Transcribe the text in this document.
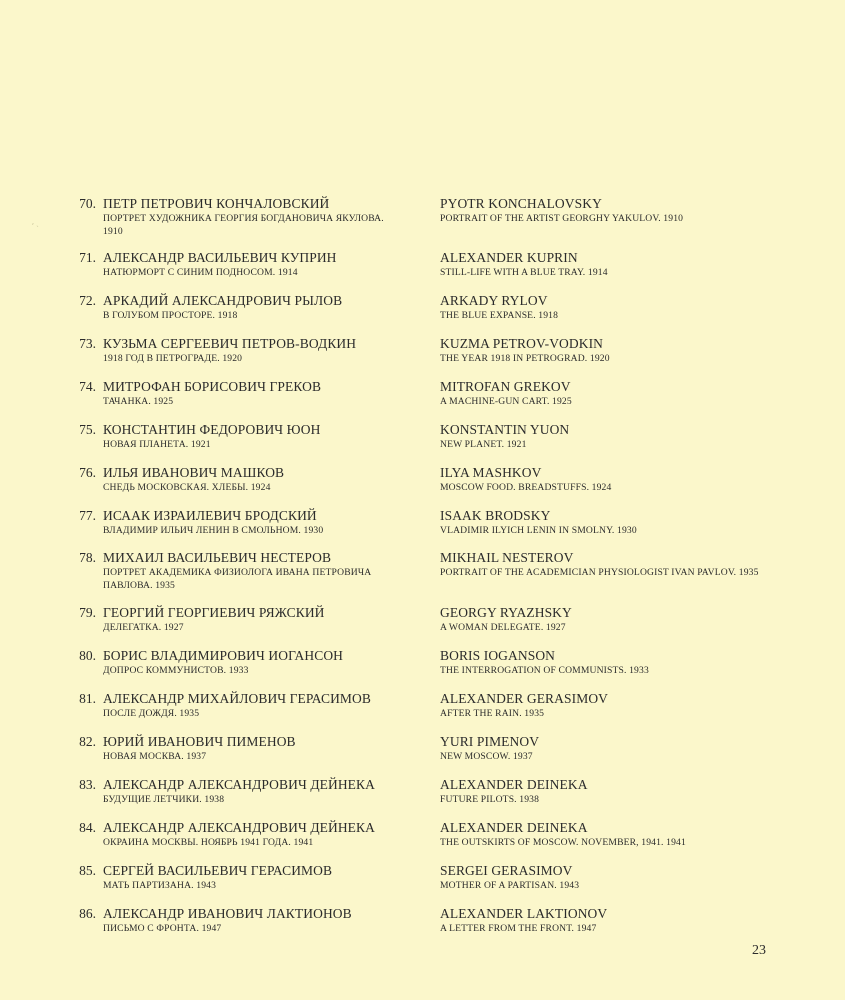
⸴ ˎ
70. ПЕТР ПЕТРОВИЧ КОНЧАЛОВСКИЙ
ПОРТРЕТ ХУДОЖНИКА ГЕОРГИЯ БОГДАНОВИЧА ЯКУЛОВА. 1910
PYOTR KONCHALOVSKY
PORTRAIT OF THE ARTIST GEORGHY YAKULOV. 1910
71. АЛЕКСАНДР ВАСИЛЬЕВИЧ КУПРИН
НАТЮРМОРТ С СИНИМ ПОДНОСОМ. 1914
ALEXANDER KUPRIN
STILL-LIFE WITH A BLUE TRAY. 1914
72. АРКАДИЙ АЛЕКСАНДРОВИЧ РЫЛОВ
В ГОЛУБОМ ПРОСТОРЕ. 1918
ARKADY RYLOV
THE BLUE EXPANSE. 1918
73. КУЗЬМА СЕРГЕЕВИЧ ПЕТРОВ-ВОДКИН
1918 ГОД В ПЕТРОГРАДЕ. 1920
KUZMA PETROV-VODKIN
THE YEAR 1918 IN PETROGRAD. 1920
74. МИТРОФАН БОРИСОВИЧ ГРЕКОВ
ТАЧАНКА. 1925
MITROFAN GREKOV
A MACHINE-GUN CART. 1925
75. КОНСТАНТИН ФЕДОРОВИЧ ЮОН
НОВАЯ ПЛАНЕТА. 1921
KONSTANTIN YUON
NEW PLANET. 1921
76. ИЛЬЯ ИВАНОВИЧ МАШКОВ
СНЕДЬ МОСКОВСКАЯ. ХЛЕБЫ. 1924
ILYA MASHKOV
MOSCOW FOOD. BREADSTUFFS. 1924
77. ИСААК ИЗРАИЛЕВИЧ БРОДСКИЙ
ВЛАДИМИР ИЛЬИЧ ЛЕНИН В СМОЛЬНОМ. 1930
ISAAK BRODSKY
VLADIMIR ILYICH LENIN IN SMOLNY. 1930
78. МИХАИЛ ВАСИЛЬЕВИЧ НЕСТЕРОВ
ПОРТРЕТ АКАДЕМИКА ФИЗИОЛОГА ИВАНА ПЕТРОВИЧА ПАВЛОВА. 1935
MIKHAIL NESTEROV
PORTRAIT OF THE ACADEMICIAN PHYSIOLOGIST IVAN PAVLOV. 1935
79. ГЕОРГИЙ ГЕОРГИЕВИЧ РЯЖСКИЙ
ДЕЛЕГАТКА. 1927
GEORGY RYAZHSKY
A WOMAN DELEGATE. 1927
80. БОРИС ВЛАДИМИРОВИЧ ИОГАНСОН
ДОПРОС КОММУНИСТОВ. 1933
BORIS IOGANSON
THE INTERROGATION OF COMMUNISTS. 1933
81. АЛЕКСАНДР МИХАЙЛОВИЧ ГЕРАСИМОВ
ПОСЛЕ ДОЖДЯ. 1935
ALEXANDER GERASIMOV
AFTER THE RAIN. 1935
82. ЮРИЙ ИВАНОВИЧ ПИМЕНОВ
НОВАЯ МОСКВА. 1937
YURI PIMENOV
NEW MOSCOW. 1937
83. АЛЕКСАНДР АЛЕКСАНДРОВИЧ ДЕЙНЕКА
БУДУЩИЕ ЛЕТЧИКИ. 1938
ALEXANDER DEINEKA
FUTURE PILOTS. 1938
84. АЛЕКСАНДР АЛЕКСАНДРОВИЧ ДЕЙНЕКА
ОКРАИНА МОСКВЫ. НОЯБРЬ 1941 ГОДА. 1941
ALEXANDER DEINEKA
THE OUTSKIRTS OF MOSCOW. NOVEMBER, 1941. 1941
85. СЕРГЕЙ ВАСИЛЬЕВИЧ ГЕРАСИМОВ
МАТЬ ПАРТИЗАНА. 1943
SERGEI GERASIMOV
MOTHER OF A PARTISAN. 1943
86. АЛЕКСАНДР ИВАНОВИЧ ЛАКТИОНОВ
ПИСЬМО С ФРОНТА. 1947
ALEXANDER LAKTIONOV
A LETTER FROM THE FRONT. 1947
23
